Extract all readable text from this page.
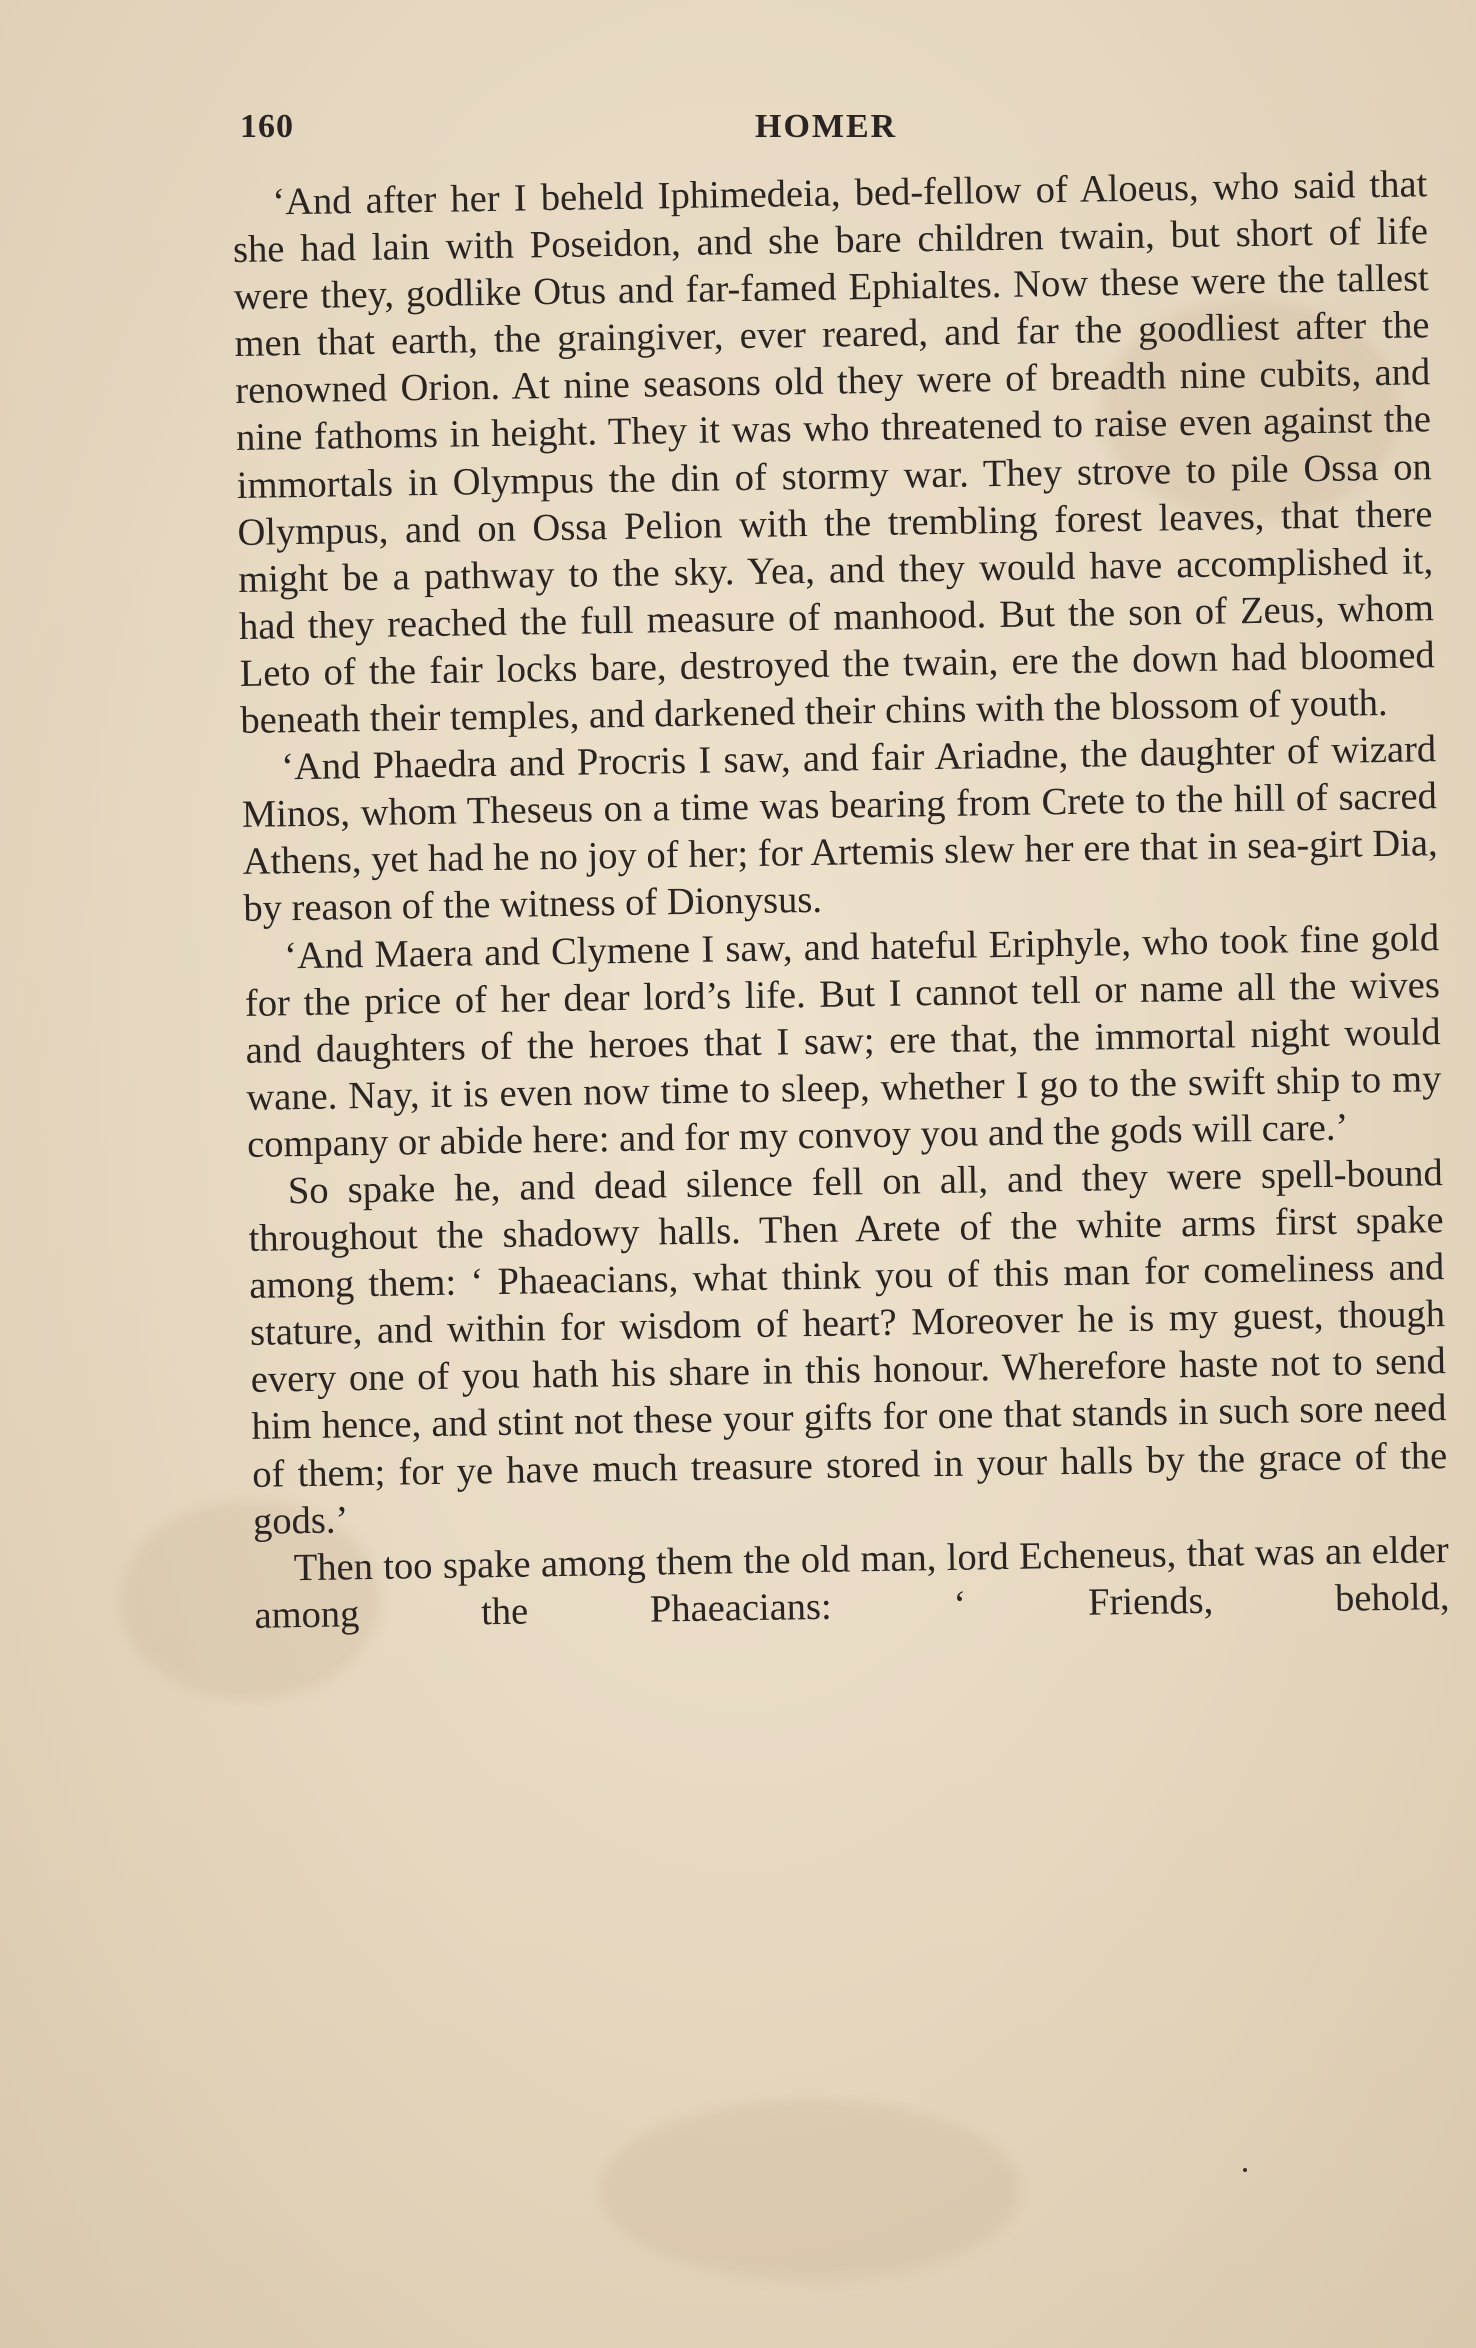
160	HOMER

‘And after her I beheld Iphimedeia, bed-fellow of Aloeus, who said that she had lain with Poseidon, and she bare children twain, but short of life were they, godlike Otus and far-famed Ephialtes. Now these were the tallest men that earth, the graingiver, ever reared, and far the goodliest after the renowned Orion. At nine seasons old they were of breadth nine cubits, and nine fathoms in height. They it was who threatened to raise even against the immortals in Olympus the din of stormy war. They strove to pile Ossa on Olympus, and on Ossa Pelion with the trembling forest leaves, that there might be a pathway to the sky. Yea, and they would have accomplished it, had they reached the full measure of manhood. But the son of Zeus, whom Leto of the fair locks bare, destroyed the twain, ere the down had bloomed beneath their temples, and darkened their chins with the blossom of youth.

‘And Phaedra and Procris I saw, and fair Ariadne, the daughter of wizard Minos, whom Theseus on a time was bearing from Crete to the hill of sacred Athens, yet had he no joy of her; for Artemis slew her ere that in sea-girt Dia, by reason of the witness of Dionysus.

‘And Maera and Clymene I saw, and hateful Eriphyle, who took fine gold for the price of her dear lord’s life. But I cannot tell or name all the wives and daughters of the heroes that I saw; ere that, the immortal night would wane. Nay, it is even now time to sleep, whether I go to the swift ship to my company or abide here: and for my convoy you and the gods will care.’

So spake he, and dead silence fell on all, and they were spell-bound throughout the shadowy halls. Then Arete of the white arms first spake among them: ‘ Phaeacians, what think you of this man for comeliness and stature, and within for wisdom of heart? Moreover he is my guest, though every one of you hath his share in this honour. Wherefore haste not to send him hence, and stint not these your gifts for one that stands in such sore need of them; for ye have much treasure stored in your halls by the grace of the gods.’

Then too spake among them the old man, lord Echeneus, that was an elder among the Phaeacians: ‘ Friends, behold,
